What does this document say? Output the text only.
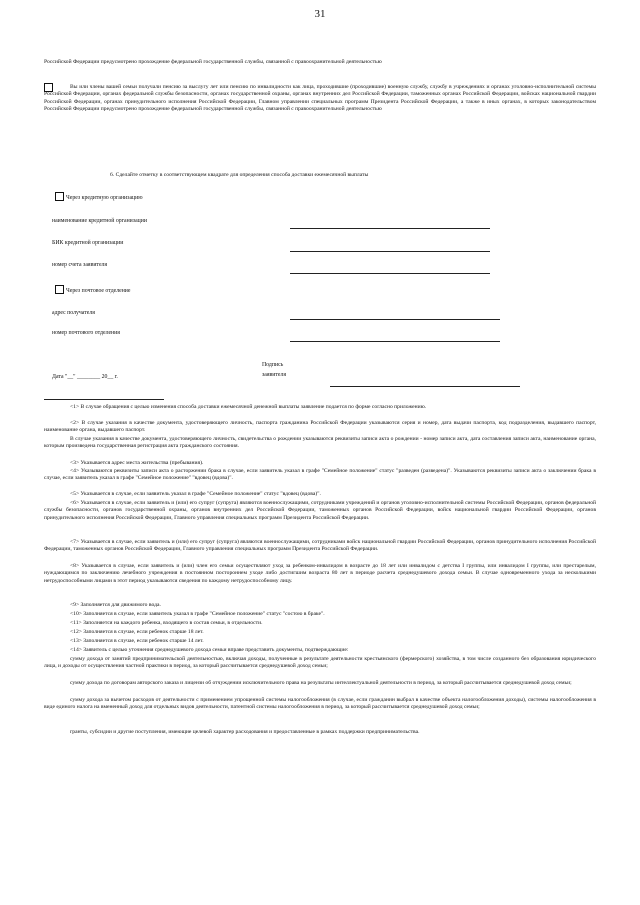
31
Российской Федерации предусмотрено прохождение федеральной государственной службы, связанной с правоохранительной деятельностью
Вы или члены вашей семьи получали пенсию за выслугу лет или пенсию по инвалидности как лица, проходившие (проходившие) военную службу, службу в учреждениях и органах уголовно-исполнительной системы Российской Федерации, органах федеральной службы безопасности, органах государственной охраны, органах внутренних дел Российской Федерации, таможенных органах Российской Федерации, войсках национальной гвардии Российской Федерации, органах принудительного исполнения Российской Федерации, Главном управлении специальных программ Президента Российской Федерации, а также в иных органах, в которых законодательством Российской Федерации предусмотрено прохождение федеральной государственной службы, связанной с правоохранительной деятельностью
6. Сделайте отметку в соответствующем квадрате для определения способа доставки ежемесячной выплаты
Через кредитную организацию
наименование кредитной организации
БИК кредитной организации
номер счета заявителя
Через почтовое отделение
адрес получателя
номер почтового отделения
Подпись
Дата "__" ________ 20__ г.	заявителя
<1> В случае обращения с целью изменения способа доставки ежемесячной денежной выплаты заявление подается по форме согласно приложению.
<2> В случае указания в качестве документа, удостоверяющего личность, паспорта гражданина Российской Федерации указываются серия и номер, дата выдачи паспорта, код подразделения, выдавшего паспорт, наименование органа, выдавшего паспорт.
В случае указания в качестве документа, удостоверяющего личность, свидетельства о рождении указываются реквизиты записи акта о рождении - номер записи акта, дата составления записи акта, наименование органа, которым произведена государственная регистрация акта гражданского состояния.
<3> Указывается адрес места жительства (пребывания).
<4> Указываются реквизиты записи акта о расторжении брака в случае, если заявитель указал в графе "Семейное положение" статус "разведен (разведена)". Указываются реквизиты записи акта о заключении брака в случае, если заявитель указал в графе "Семейное положение" "вдовец (вдова)".
<5> Указывается в случае, если заявитель указал в графе "Семейное положение" статус "вдовец (вдова)".
<6> Указывается в случае, если заявитель и (или) его супруг (супруга) являются военнослужащими, сотрудниками учреждений и органов уголовно-исполнительной системы Российской Федерации, органов федеральной службы безопасности, органов государственной охраны, органов внутренних дел Российской Федерации, таможенных органов Российской Федерации, войск национальной гвардии Российской Федерации, органов принудительного исполнения Российской Федерации, Главного управления специальных программ Президента Российской Федерации.
<7> Указывается в случае, если заявитель и (или) его супруг (супруга) являются военнослужащими, сотрудниками войск национальной гвардии Российской Федерации, органов принудительного исполнения Российской Федерации, таможенных органов Российской Федерации, Главного управления специальных программ Президента Российской Федерации.
<8> Указывается в случае, если заявитель и (или) член его семьи осуществляют уход за ребенком-инвалидом в возрасте до 18 лет или инвалидом с детства I группы, или инвалидом I группы, или престарелым, нуждающимся по заключению лечебного учреждения в постоянном постороннем уходе либо достигшим возраста 80 лет в периоде расчета среднедушевого дохода семьи. В случае одновременного ухода за несколькими нетрудоспособными лицами в этот период указываются сведения по каждому нетрудоспособному лицу.
<9> Заполняется для движимого вода.
<10> Заполняется в случае, если заявитель указал в графе "Семейное положение" статус "состою в браке".
<11> Заполняется на каждого ребенка, входящего в состав семьи, в отдельности.
<12> Заполняется в случае, если ребенок старше 18 лет.
<13> Заполняется в случае, если ребенок старше 14 лет.
<14> Заявитель с целью уточнения среднедушевого дохода семьи вправе представить документы, подтверждающие:
сумму дохода от занятий предпринимательской деятельностью, включая доходы, полученные в результате деятельности крестьянского (фермерского) хозяйства, в том числе созданного без образования юридического лица, и доходы от осуществления частной практики в период, за который рассчитывается среднедушевой доход семьи;
сумму дохода по договорам авторского заказа и лицензи об отчуждении исключительного права на результаты интеллектуальной деятельности в период, за который рассчитывается среднедушевой доход семьи;
сумму дохода за вычетом расходов от деятельности с применением упрощенной системы налогообложения (в случае, если гражданин выбрал в качестве объекта налогообложения доходы), системы налогообложения в виде единого налога на вмененный доход для отдельных видов деятельности, патентной системы налогообложения в период, за который рассчитывается среднедушевой доход семьи;
гранты, субсидии и другие поступления, имеющие целевой характер расходования и предоставленные в рамках поддержки предпринимательства.
